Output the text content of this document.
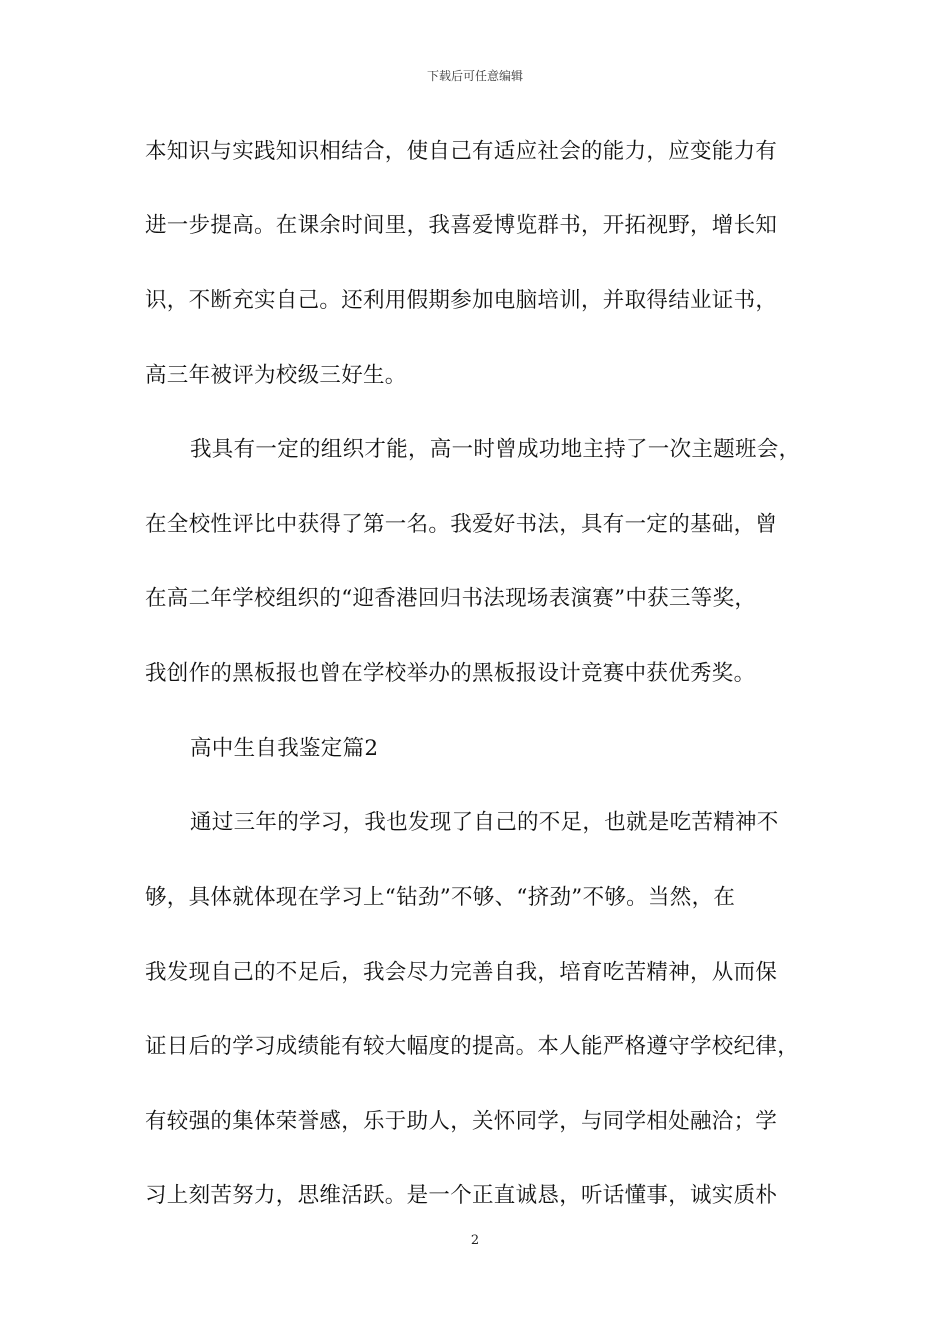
下载后可任意编辑
本知识与实践知识相结合，使自己有适应社会的能力，应变能力有
进一步提高。在课余时间里，我喜爱博览群书，开拓视野，增长知
识，不断充实自己。还利用假期参加电脑培训，并取得结业证书，
高三年被评为校级三好生。
我具有一定的组织才能，高一时曾成功地主持了一次主题班会，
在全校性评比中获得了第一名。我爱好书法，具有一定的基础，曾
在高二年学校组织的“迎香港回归书法现场表演赛”中获三等奖，
我创作的黑板报也曾在学校举办的黑板报设计竞赛中获优秀奖。
高中生自我鉴定篇2
通过三年的学习，我也发现了自己的不足，也就是吃苦精神不
够，具体就体现在学习上“钻劲”不够、“挤劲”不够。当然，在
我发现自己的不足后，我会尽力完善自我，培育吃苦精神，从而保
证日后的学习成绩能有较大幅度的提高。本人能严格遵守学校纪律，
有较强的集体荣誉感，乐于助人，关怀同学，与同学相处融洽；学
习上刻苦努力，思维活跃。是一个正直诚恳，听话懂事，诚实质朴
2
